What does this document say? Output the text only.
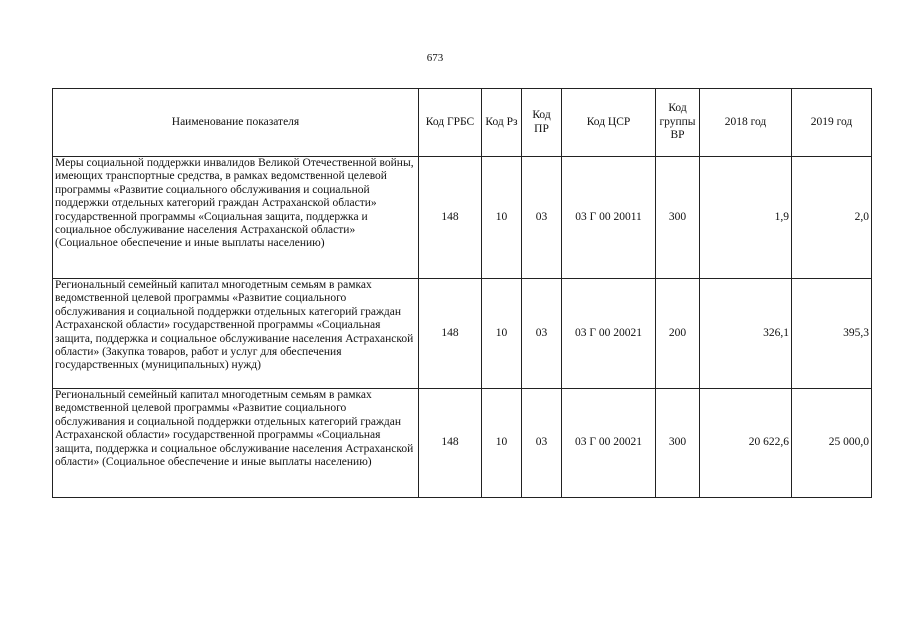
673
Наименование показателя	Код ГРБС	Код Рз	Код ПР	Код ЦСР	Код группы ВР	2018 год	2019 год
Меры социальной поддержки инвалидов Великой Отечественной войны, имеющих транспортные средства, в рамках ведомственной целевой программы «Развитие социального обслуживания и социальной поддержки отдельных категорий граждан Астраханской области» государственной программы «Социальная защита, поддержка и социальное обслуживание населения Астраханской области» (Социальное обеспечение и иные выплаты населению)	148	10	03	03 Г 00 20011	300	1,9	2,0
Региональный семейный капитал многодетным семьям в рамках ведомственной целевой программы «Развитие социального обслуживания и социальной поддержки отдельных категорий граждан Астраханской области» государственной программы «Социальная защита, поддержка и социальное обслуживание населения Астраханской области» (Закупка товаров, работ и услуг для обеспечения государственных (муниципальных) нужд)	148	10	03	03 Г 00 20021	200	326,1	395,3
Региональный семейный капитал многодетным семьям в рамках ведомственной целевой программы «Развитие социального обслуживания и социальной поддержки отдельных категорий граждан Астраханской области» государственной программы «Социальная защита, поддержка и социальное обслуживание населения Астраханской области» (Социальное обеспечение и иные выплаты населению)	148	10	03	03 Г 00 20021	300	20 622,6	25 000,0
